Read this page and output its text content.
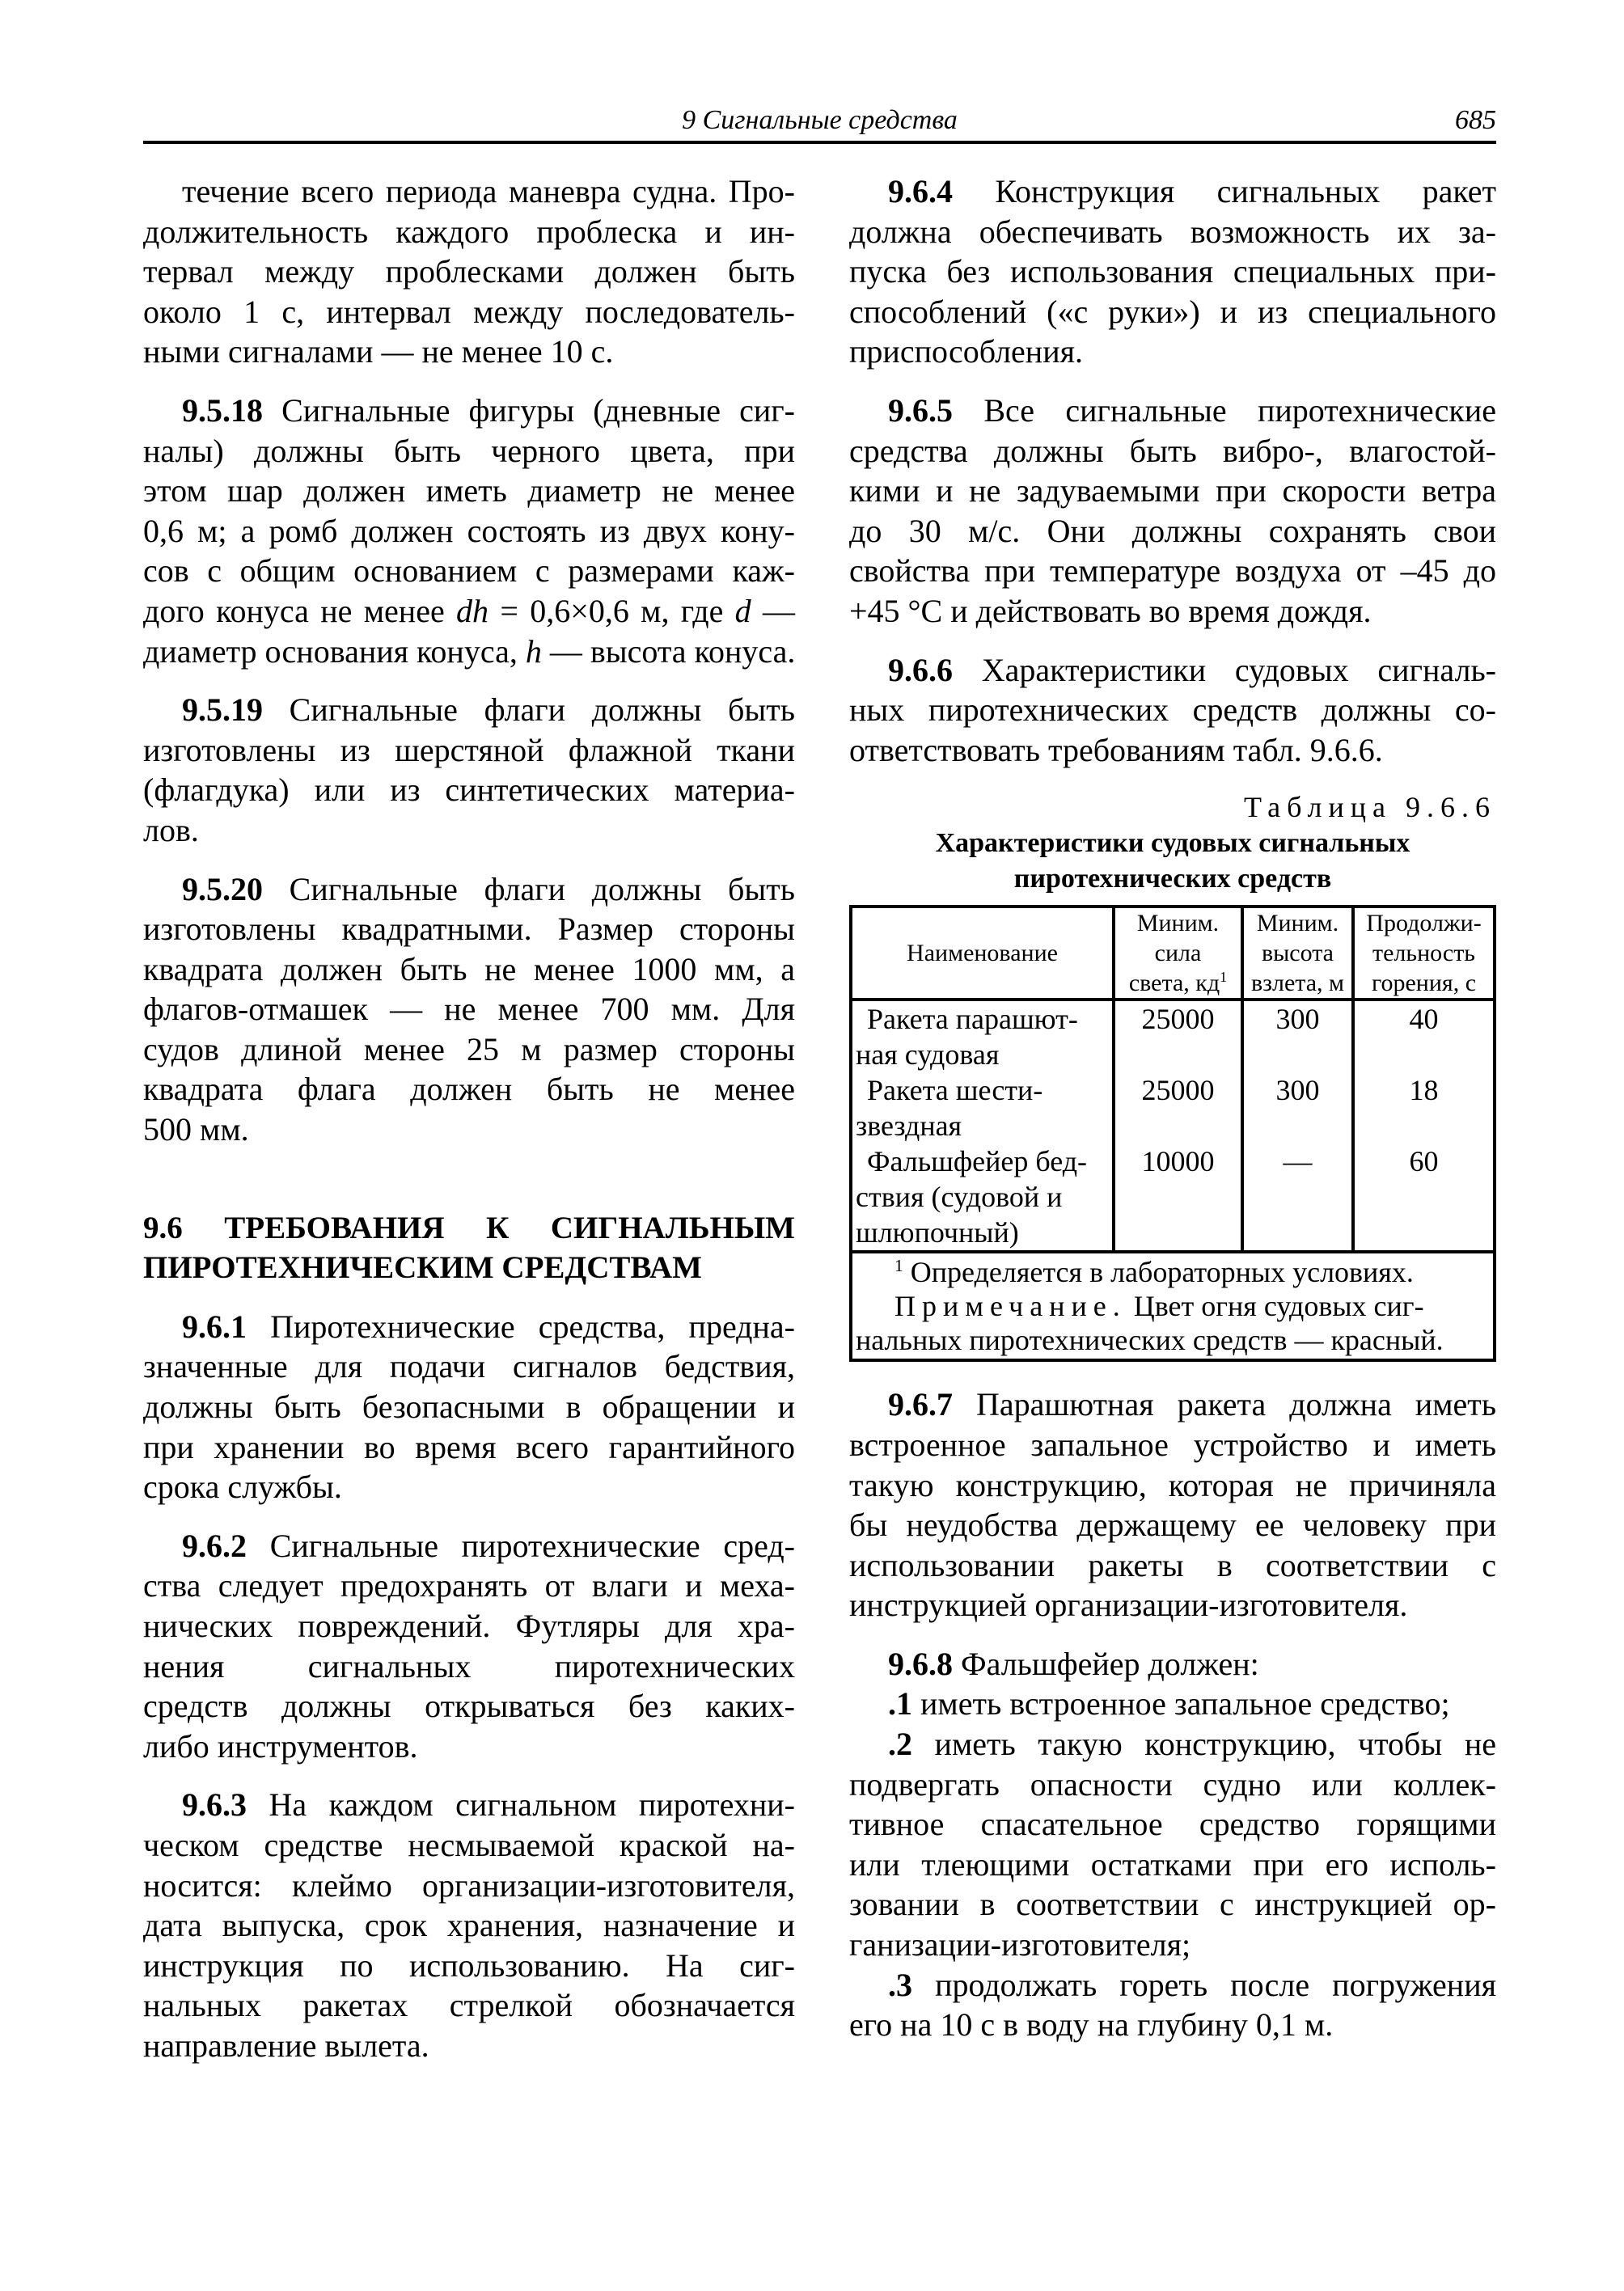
9 Сигнальные средства	685
течение всего периода маневра судна. Про-
должительность каждого проблеска и ин-
тервал между проблесками должен быть
около 1 с, интервал между последователь-
ными сигналами — не менее 10 с.
9.5.18 Сигнальные фигуры (дневные сиг-
налы) должны быть черного цвета, при
этом шар должен иметь диаметр не менее
0,6 м; а ромб должен состоять из двух кону-
сов с общим основанием с размерами каж-
дого конуса не менее dh = 0,6×0,6 м, где d —
диаметр основания конуса, h — высота конуса.
9.5.19 Сигнальные флаги должны быть
изготовлены из шерстяной флажной ткани
(флагдука) или из синтетических материа-
лов.
9.5.20 Сигнальные флаги должны быть
изготовлены квадратными. Размер стороны
квадрата должен быть не менее 1000 мм, а
флагов-отмашек — не менее 700 мм. Для
судов длиной менее 25 м размер стороны
квадрата флага должен быть не менее
500 мм.
9.6 ТРЕБОВАНИЯ К СИГНАЛЬНЫМ
ПИРОТЕХНИЧЕСКИМ СРЕДСТВАМ
9.6.1 Пиротехнические средства, предна-
значенные для подачи сигналов бедствия,
должны быть безопасными в обращении и
при хранении во время всего гарантийного
срока службы.
9.6.2 Сигнальные пиротехнические сред-
ства следует предохранять от влаги и меха-
нических повреждений. Футляры для хра-
нения сигнальных пиротехнических
средств должны открываться без каких-
либо инструментов.
9.6.3 На каждом сигнальном пиротехни-
ческом средстве несмываемой краской на-
носится: клеймо организации-изготовителя,
дата выпуска, срок хранения, назначение и
инструкция по использованию. На сиг-
нальных ракетах стрелкой обозначается
направление вылета.
9.6.4 Конструкция сигнальных ракет
должна обеспечивать возможность их за-
пуска без использования специальных при-
способлений («с руки») и из специального
приспособления.
9.6.5 Все сигнальные пиротехнические
средства должны быть вибро-, влагостой-
кими и не задуваемыми при скорости ветра
до 30 м/с. Они должны сохранять свои
свойства при температуре воздуха от –45 до
+45 °С и действовать во время дождя.
9.6.6 Характеристики судовых сигналь-
ных пиротехнических средств должны со-
ответствовать требованиям табл. 9.6.6.
Таблица 9.6.6
Характеристики судовых сигнальных
пиротехнических средств
Наименование	Миним.
сила
света, $кд^1$	Миним.
высота
взлета, м	Продолжи-
тельность
горения, с

Ракета парашют-
ная судовая	25000	300	40

Ракета шести-
звездная	25000	300	18

Фальшфейер бед-
ствия (судовой и
шлюпочный)	10000	—	60

$^1$ Определяется в лабораторных условиях.
Примечание. Цвет огня судовых сиг-
нальных пиротехнических средств — красный.			
9.6.7 Парашютная ракета должна иметь
встроенное запальное устройство и иметь
такую конструкцию, которая не причиняла
бы неудобства держащему ее человеку при
использовании ракеты в соответствии с
инструкцией организации-изготовителя.
9.6.8 Фальшфейер должен:
.1 иметь встроенное запальное средство;
.2 иметь такую конструкцию, чтобы не
подвергать опасности судно или коллек-
тивное спасательное средство горящими
или тлеющими остатками при его исполь-
зовании в соответствии с инструкцией ор-
ганизации-изготовителя;
.3 продолжать гореть после погружения
его на 10 с в воду на глубину 0,1 м.
